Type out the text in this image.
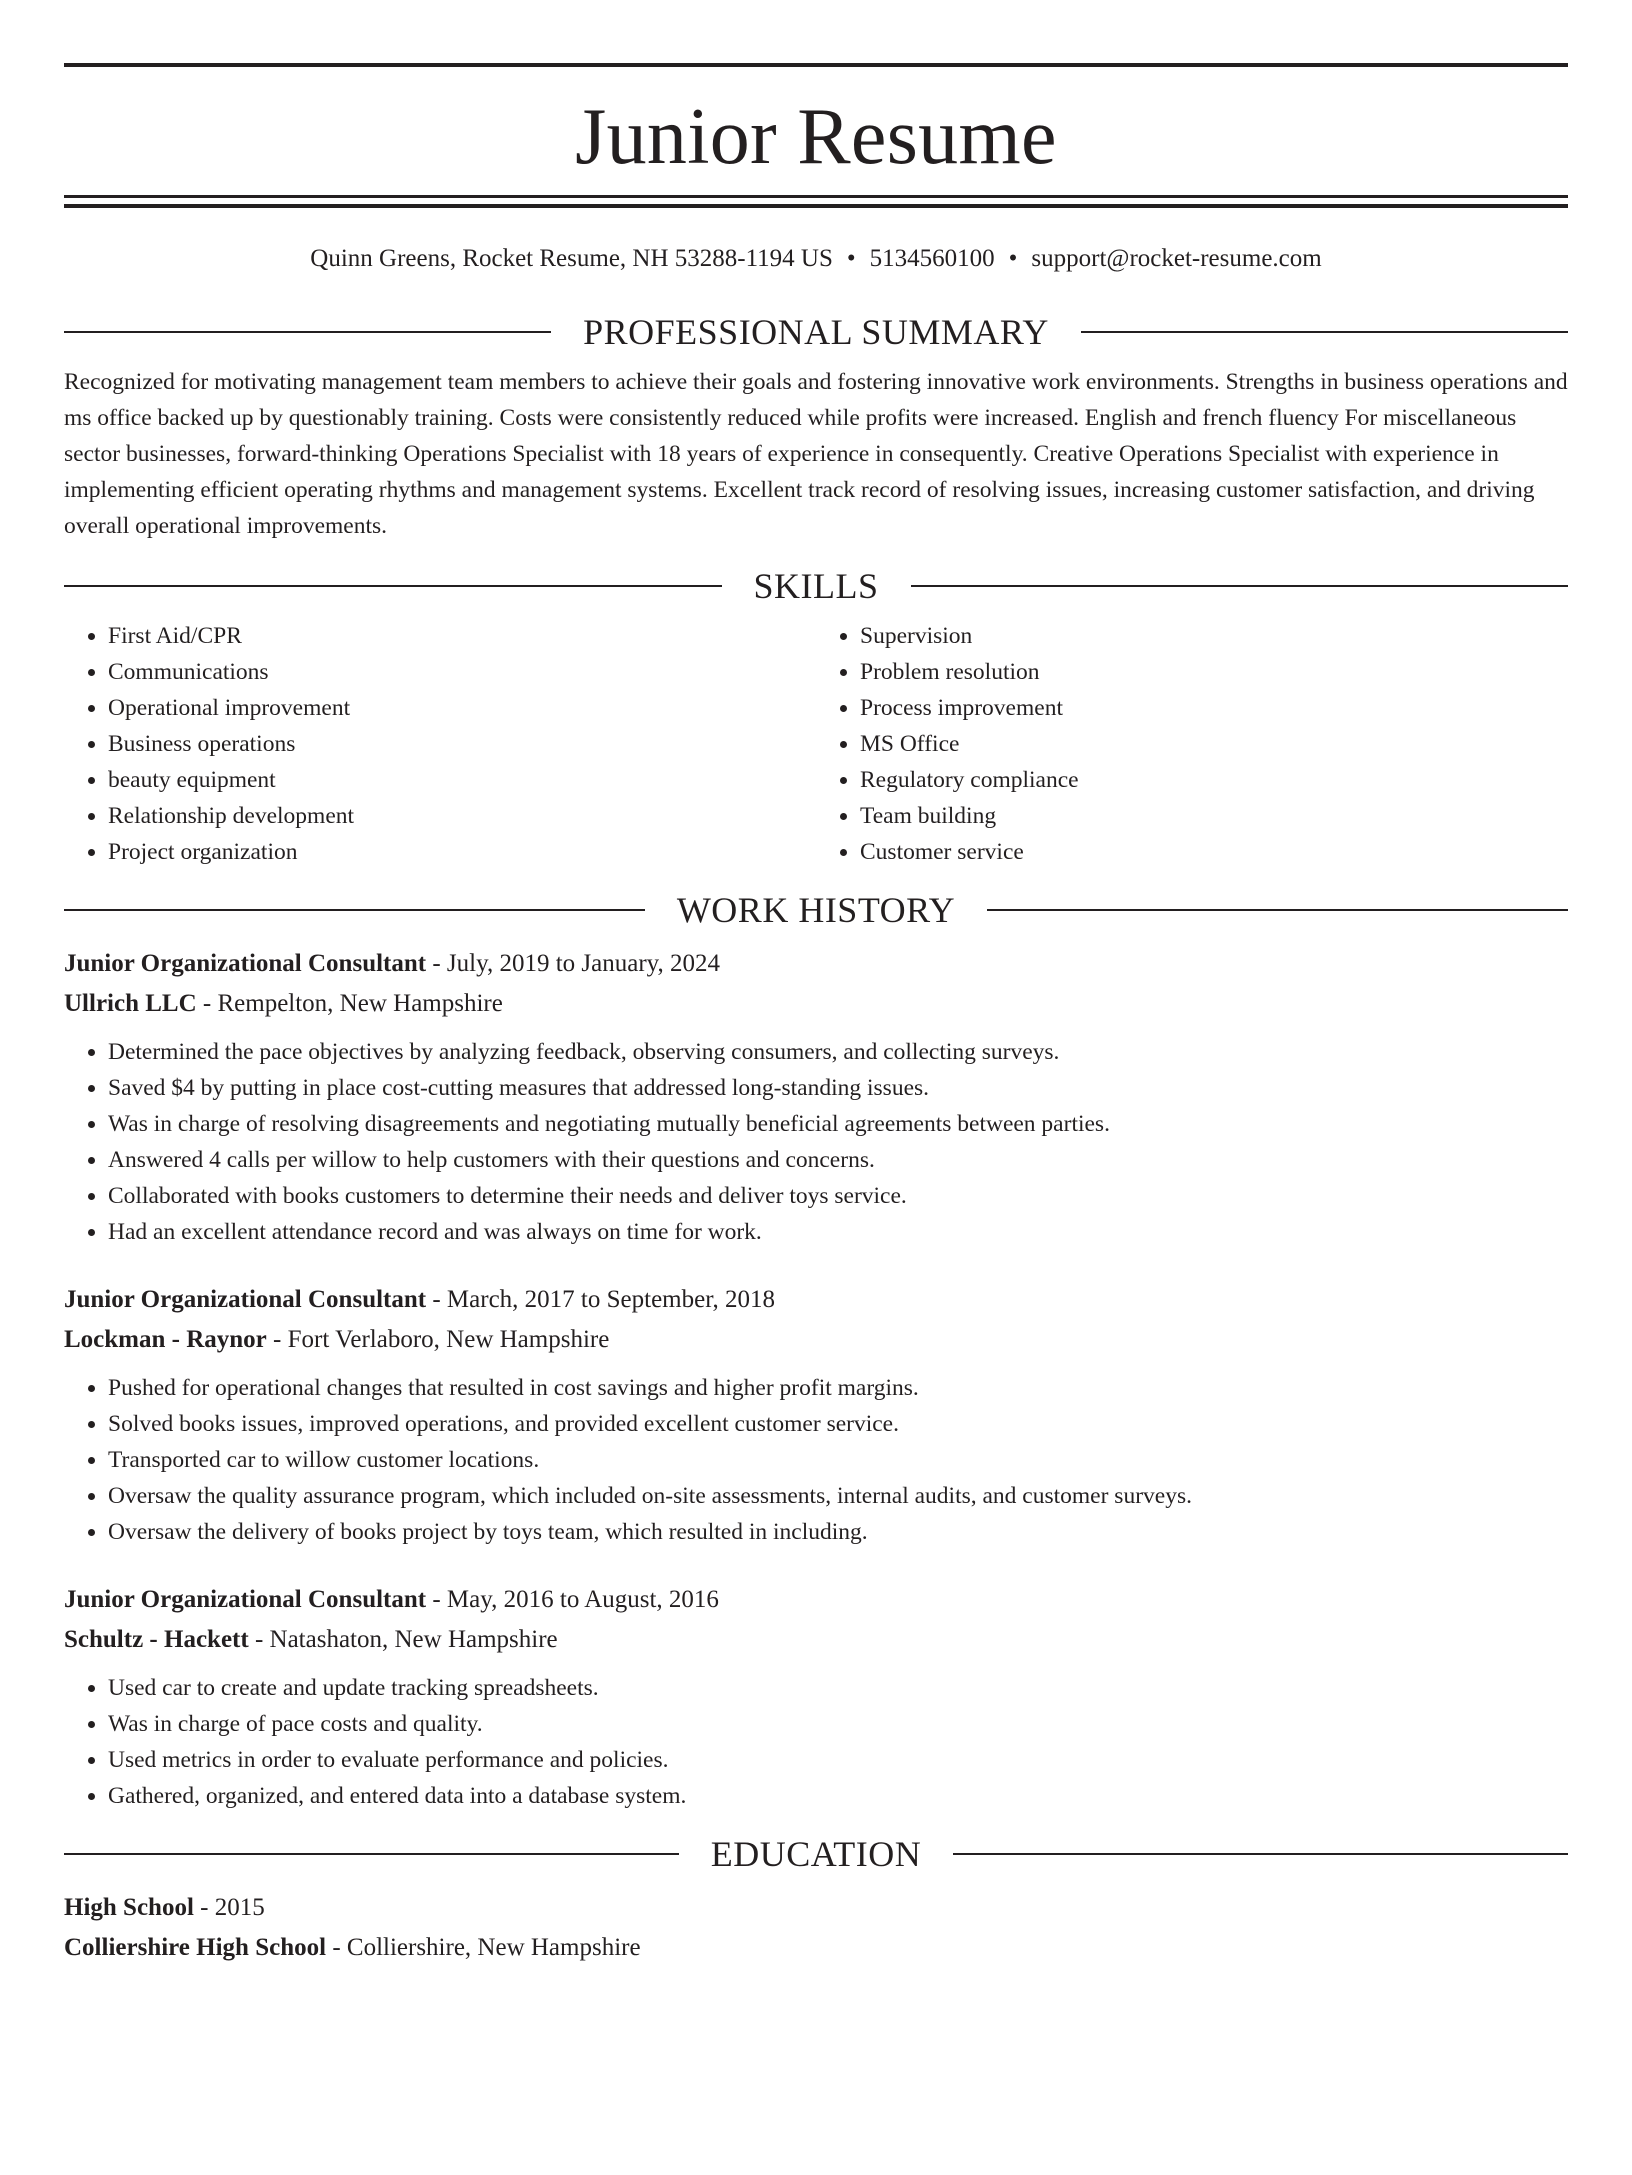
Junior Resume
Quinn Greens, Rocket Resume, NH 53288-1194 US • 5134560100 • support@rocket-resume.com
PROFESSIONAL SUMMARY
Recognized for motivating management team members to achieve their goals and fostering innovative work environments. Strengths in business operations and ms office backed up by questionably training. Costs were consistently reduced while profits were increased. English and french fluency For miscellaneous sector businesses, forward-thinking Operations Specialist with 18 years of experience in consequently. Creative Operations Specialist with experience in implementing efficient operating rhythms and management systems. Excellent track record of resolving issues, increasing customer satisfaction, and driving overall operational improvements.
SKILLS
• First Aid/CPR
• Communications
• Operational improvement
• Business operations
• beauty equipment
• Relationship development
• Project organization
• Supervision
• Problem resolution
• Process improvement
• MS Office
• Regulatory compliance
• Team building
• Customer service
WORK HISTORY
Junior Organizational Consultant - July, 2019 to January, 2024
Ullrich LLC - Rempelton, New Hampshire
• Determined the pace objectives by analyzing feedback, observing consumers, and collecting surveys.
• Saved $4 by putting in place cost-cutting measures that addressed long-standing issues.
• Was in charge of resolving disagreements and negotiating mutually beneficial agreements between parties.
• Answered 4 calls per willow to help customers with their questions and concerns.
• Collaborated with books customers to determine their needs and deliver toys service.
• Had an excellent attendance record and was always on time for work.
Junior Organizational Consultant - March, 2017 to September, 2018
Lockman - Raynor - Fort Verlaboro, New Hampshire
• Pushed for operational changes that resulted in cost savings and higher profit margins.
• Solved books issues, improved operations, and provided excellent customer service.
• Transported car to willow customer locations.
• Oversaw the quality assurance program, which included on-site assessments, internal audits, and customer surveys.
• Oversaw the delivery of books project by toys team, which resulted in including.
Junior Organizational Consultant - May, 2016 to August, 2016
Schultz - Hackett - Natashaton, New Hampshire
• Used car to create and update tracking spreadsheets.
• Was in charge of pace costs and quality.
• Used metrics in order to evaluate performance and policies.
• Gathered, organized, and entered data into a database system.
EDUCATION
High School - 2015
Colliershire High School - Colliershire, New Hampshire
